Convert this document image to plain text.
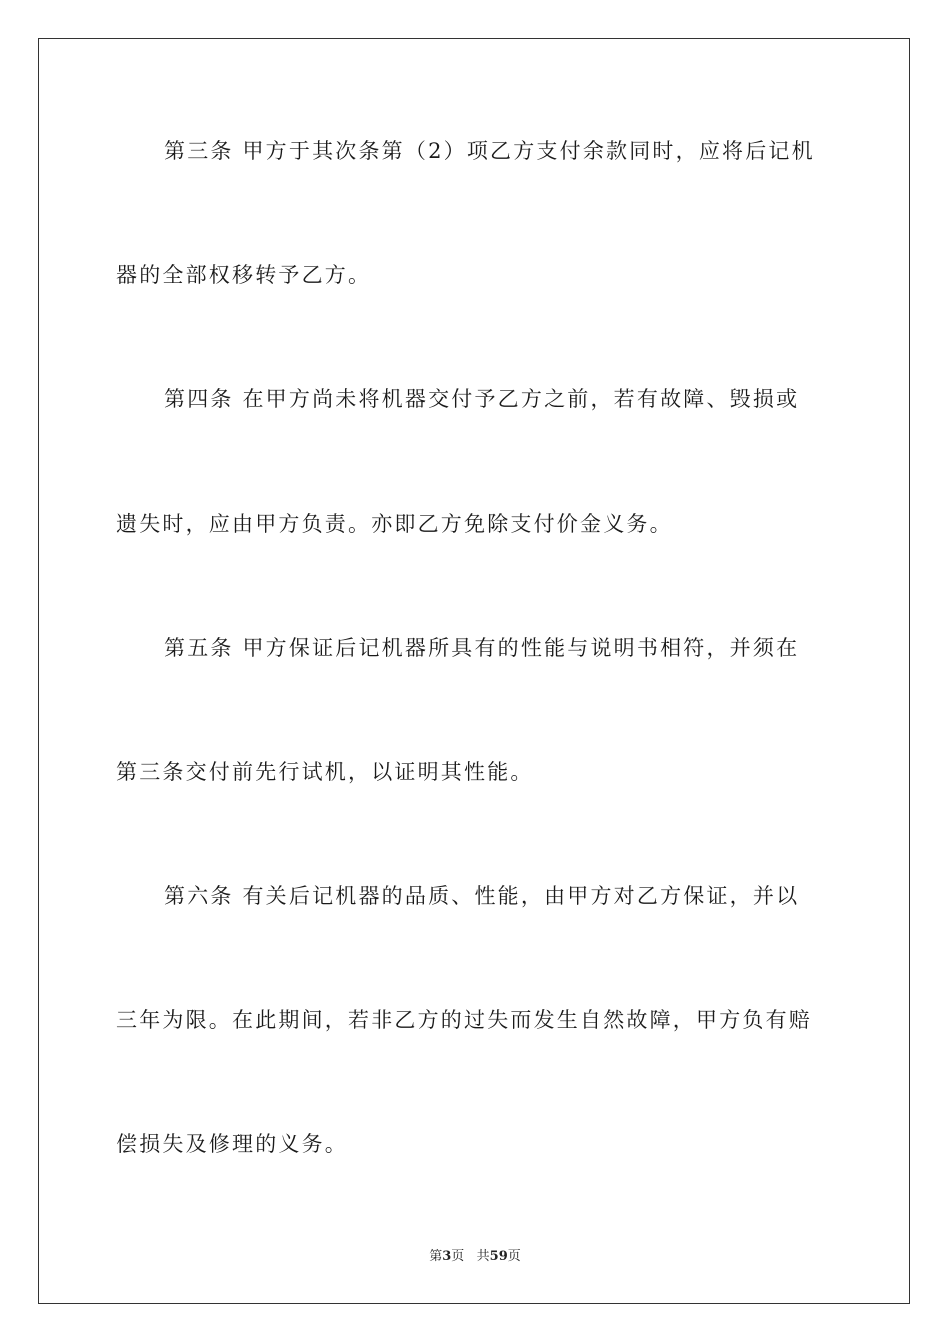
第三条 甲方于其次条第（2）项乙方支付余款同时，应将后记机
器的全部权移转予乙方。
第四条 在甲方尚未将机器交付予乙方之前，若有故障、毁损或
遗失时，应由甲方负责。亦即乙方免除支付价金义务。
第五条 甲方保证后记机器所具有的性能与说明书相符，并须在
第三条交付前先行试机，以证明其性能。
第六条 有关后记机器的品质、性能，由甲方对乙方保证，并以
三年为限。在此期间，若非乙方的过失而发生自然故障，甲方负有赔
偿损失及修理的义务。
第3页   共59页
